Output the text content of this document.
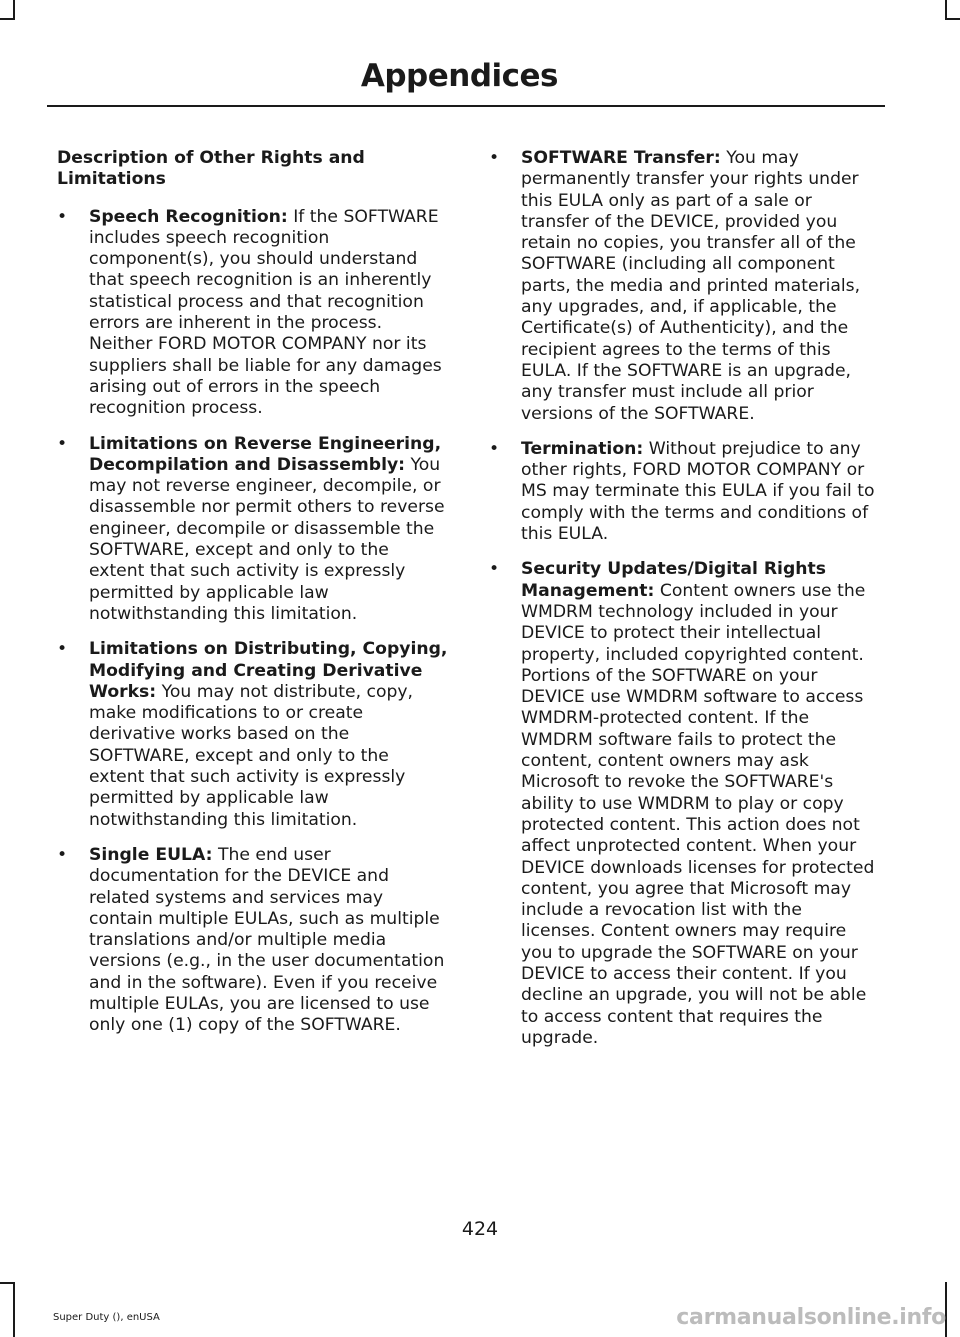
Appendices
Description of Other Rights and Limitations
• Speech Recognition: If the SOFTWARE includes speech recognition component(s), you should understand that speech recognition is an inherently statistical process and that recognition errors are inherent in the process. Neither FORD MOTOR COMPANY nor its suppliers shall be liable for any damages arising out of errors in the speech recognition process.
• Limitations on Reverse Engineering, Decompilation and Disassembly: You may not reverse engineer, decompile, or disassemble nor permit others to reverse engineer, decompile or disassemble the SOFTWARE, except and only to the extent that such activity is expressly permitted by applicable law notwithstanding this limitation.
• Limitations on Distributing, Copying, Modifying and Creating Derivative Works: You may not distribute, copy, make modifications to or create derivative works based on the SOFTWARE, except and only to the extent that such activity is expressly permitted by applicable law notwithstanding this limitation.
• Single EULA: The end user documentation for the DEVICE and related systems and services may contain multiple EULAs, such as multiple translations and/or multiple media versions (e.g., in the user documentation and in the software). Even if you receive multiple EULAs, you are licensed to use only one (1) copy of the SOFTWARE.
• SOFTWARE Transfer: You may permanently transfer your rights under this EULA only as part of a sale or transfer of the DEVICE, provided you retain no copies, you transfer all of the SOFTWARE (including all component parts, the media and printed materials, any upgrades, and, if applicable, the Certificate(s) of Authenticity), and the recipient agrees to the terms of this EULA. If the SOFTWARE is an upgrade, any transfer must include all prior versions of the SOFTWARE.
• Termination: Without prejudice to any other rights, FORD MOTOR COMPANY or MS may terminate this EULA if you fail to comply with the terms and conditions of this EULA.
• Security Updates/Digital Rights Management: Content owners use the WMDRM technology included in your DEVICE to protect their intellectual property, included copyrighted content. Portions of the SOFTWARE on your DEVICE use WMDRM software to access WMDRM-protected content. If the WMDRM software fails to protect the content, content owners may ask Microsoft to revoke the SOFTWARE's ability to use WMDRM to play or copy protected content. This action does not affect unprotected content. When your DEVICE downloads licenses for protected content, you agree that Microsoft may include a revocation list with the licenses. Content owners may require you to upgrade the SOFTWARE on your DEVICE to access their content. If you decline an upgrade, you will not be able to access content that requires the upgrade.
424
Super Duty (), enUSA	carmanualsonline.info
